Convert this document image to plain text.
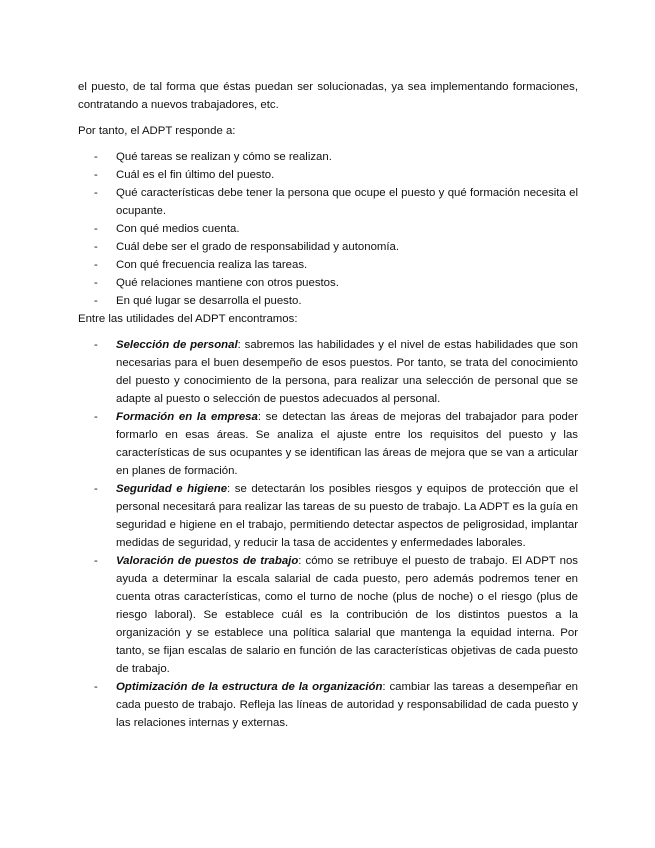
el puesto, de tal forma que éstas puedan ser solucionadas, ya sea implementando formaciones, contratando a nuevos trabajadores, etc.

Por tanto, el ADPT responde a:

- Qué tareas se realizan y cómo se realizan.
- Cuál es el fin último del puesto.
- Qué características debe tener la persona que ocupe el puesto y qué formación necesita el ocupante.
- Con qué medios cuenta.
- Cuál debe ser el grado de responsabilidad y autonomía.
- Con qué frecuencia realiza las tareas.
- Qué relaciones mantiene con otros puestos.
- En qué lugar se desarrolla el puesto.

Entre las utilidades del ADPT encontramos:

- Selección de personal: sabremos las habilidades y el nivel de estas habilidades que son necesarias para el buen desempeño de esos puestos. Por tanto, se trata del conocimiento del puesto y conocimiento de la persona, para realizar una selección de personal que se adapte al puesto o selección de puestos adecuados al personal.
- Formación en la empresa: se detectan las áreas de mejoras del trabajador para poder formarlo en esas áreas. Se analiza el ajuste entre los requisitos del puesto y las características de sus ocupantes y se identifican las áreas de mejora que se van a articular en planes de formación.
- Seguridad e higiene: se detectarán los posibles riesgos y equipos de protección que el personal necesitará para realizar las tareas de su puesto de trabajo. La ADPT es la guía en seguridad e higiene en el trabajo, permitiendo detectar aspectos de peligrosidad, implantar medidas de seguridad, y reducir la tasa de accidentes y enfermedades laborales.
- Valoración de puestos de trabajo: cómo se retribuye el puesto de trabajo. El ADPT nos ayuda a determinar la escala salarial de cada puesto, pero además podremos tener en cuenta otras características, como el turno de noche (plus de noche) o el riesgo (plus de riesgo laboral). Se establece cuál es la contribución de los distintos puestos a la organización y se establece una política salarial que mantenga la equidad interna. Por tanto, se fijan escalas de salario en función de las características objetivas de cada puesto de trabajo.
- Optimización de la estructura de la organización: cambiar las tareas a desempeñar en cada puesto de trabajo. Refleja las líneas de autoridad y responsabilidad de cada puesto y las relaciones internas y externas.
